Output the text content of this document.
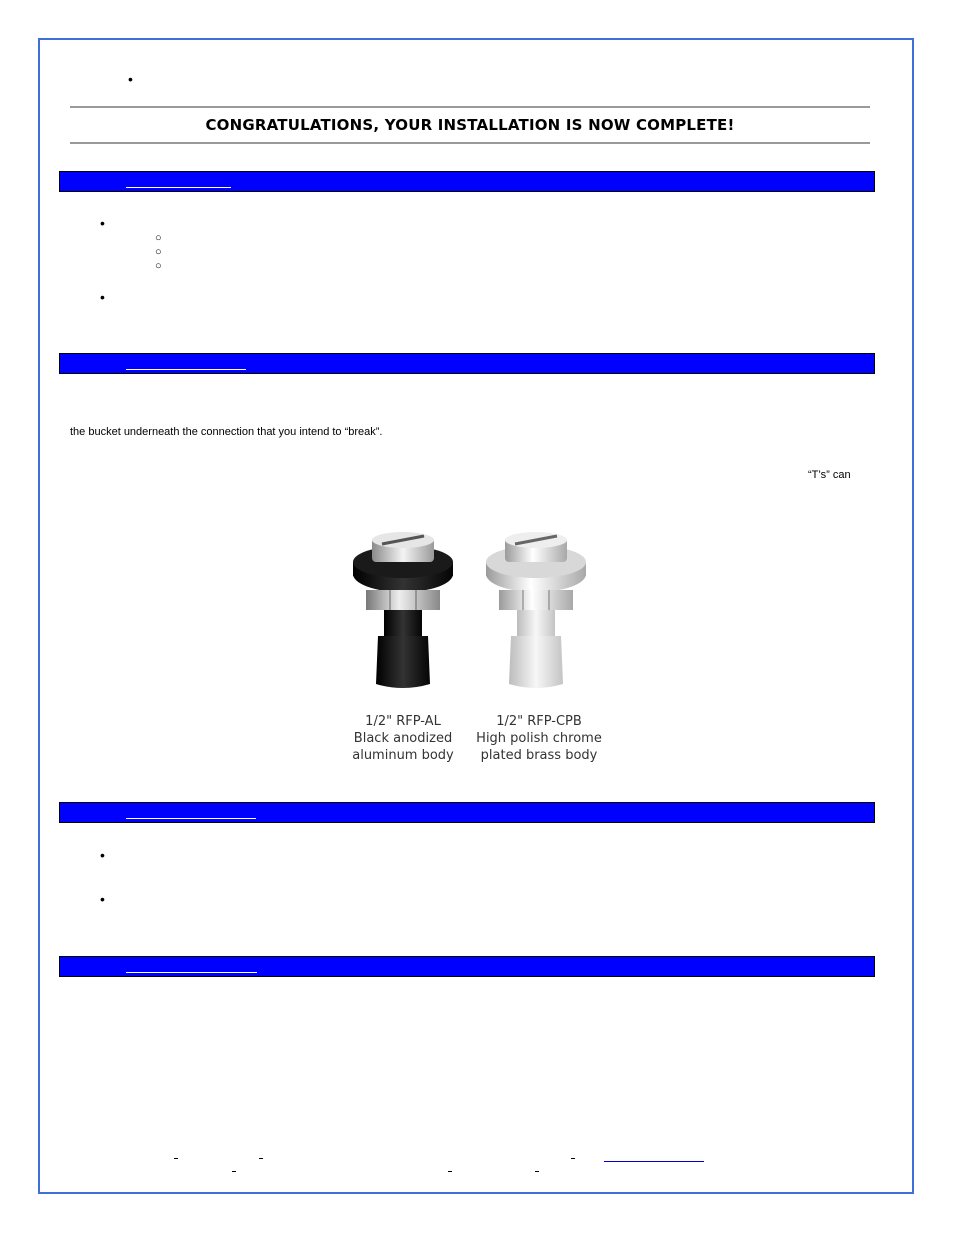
•
CONGRATULATIONS, YOUR INSTALLATION IS NOW COMPLETE!
•
○
○
○
•
the bucket underneath the connection that you intend to “break”.
“T’s” can
1/2" RFP-AL
Black anodized
aluminum body
1/2" RFP-CPB
High polish chrome
plated brass body
•
•
